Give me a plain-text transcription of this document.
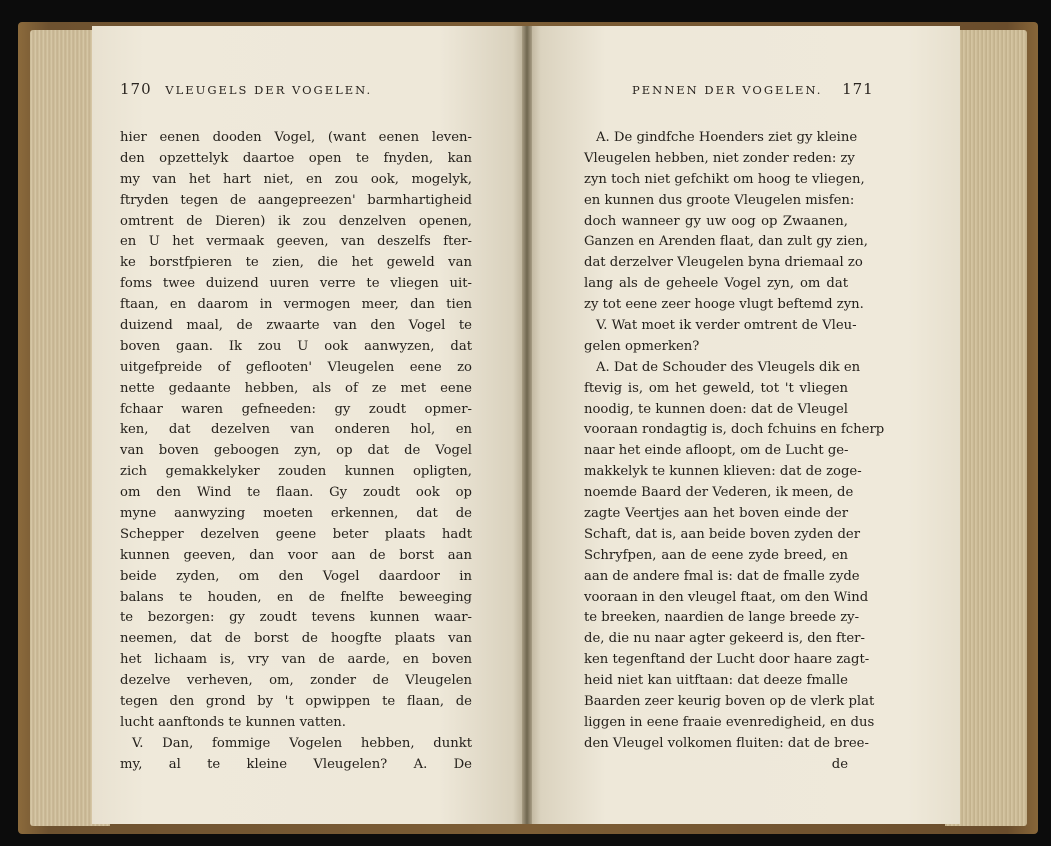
170 VLEUGELS DER VOGELEN.
hier eenen dooden Vogel, (want eenen leven-
den opzettelyk daartoe open te fnyden, kan
my van het hart niet, en zou ook, mogelyk,
ftryden tegen de aangepreezen' barmhartigheid
omtrent de Dieren) ik zou denzelven openen,
en U het vermaak geeven, van deszelfs fter-
ke borstfpieren te zien, die het geweld van
foms twee duizend uuren verre te vliegen uit-
ftaan, en daarom in vermogen meer, dan tien
duizend maal, de zwaarte van den Vogel te
boven gaan. Ik zou U ook aanwyzen, dat
uitgefpreide of geflooten' Vleugelen eene zo
nette gedaante hebben, als of ze met eene
fchaar waren gefneeden: gy zoudt opmer-
ken, dat dezelven van onderen hol, en
van boven geboogen zyn, op dat de Vogel
zich gemakkelyker zouden kunnen opligten,
om den Wind te flaan. Gy zoudt ook op
myne aanwyzing moeten erkennen, dat de
Schepper dezelven geene beter plaats hadt
kunnen geeven, dan voor aan de borst aan
beide zyden, om den Vogel daardoor in
balans te houden, en de fnelfte beweeging
te bezorgen: gy zoudt tevens kunnen waar-
neemen, dat de borst de hoogfte plaats van
het lichaam is, vry van de aarde, en boven
dezelve verheven, om, zonder de Vleugelen
tegen den grond by 't opwippen te flaan, de
lucht aanftonds te kunnen vatten.
V. Dan, fommige Vogelen hebben, dunkt
my, al te kleine Vleugelen? A. De
PENNEN DER VOGELEN. 171
A. De gindfche Hoenders ziet gy kleine
Vleugelen hebben, niet zonder reden: zy
zyn toch niet gefchikt om hoog te vliegen,
en kunnen dus groote Vleugelen misfen:
doch wanneer gy uw oog op Zwaanen,
Ganzen en Arenden flaat, dan zult gy zien,
dat derzelver Vleugelen byna driemaal zo
lang als de geheele Vogel zyn, om dat
zy tot eene zeer hooge vlugt beftemd zyn.
V. Wat moet ik verder omtrent de Vleu-
gelen opmerken?
A. Dat de Schouder des Vleugels dik en
ftevig is, om het geweld, tot 't vliegen
noodig, te kunnen doen: dat de Vleugel
vooraan rondagtig is, doch fchuins en fcherp
naar het einde afloopt, om de Lucht ge-
makkelyk te kunnen klieven: dat de zoge-
noemde Baard der Vederen, ik meen, de
zagte Veertjes aan het boven einde der
Schaft, dat is, aan beide boven zyden der
Schryfpen, aan de eene zyde breed, en
aan de andere fmal is: dat de fmalle zyde
vooraan in den vleugel ftaat, om den Wind
te breeken, naardien de lange breede zy-
de, die nu naar agter gekeerd is, den fter-
ken tegenftand der Lucht door haare zagt-
heid niet kan uitftaan: dat deeze fmalle
Baarden zeer keurig boven op de vlerk plat
liggen in eene fraaie evenredigheid, en dus
den Vleugel volkomen fluiten: dat de bree-
de
